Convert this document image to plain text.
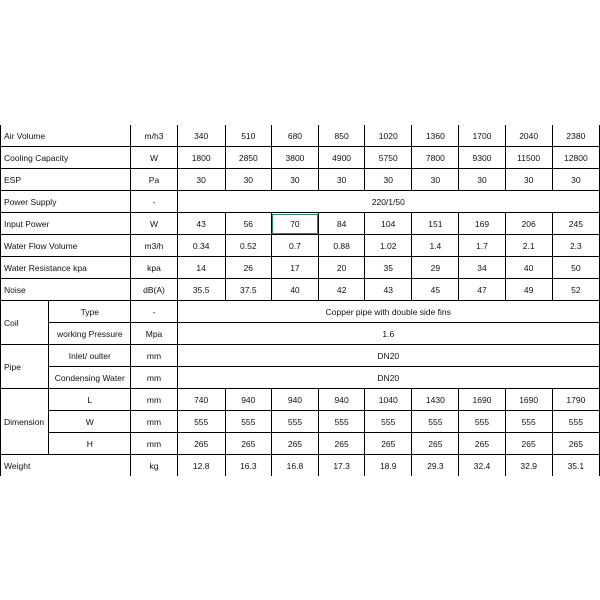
Air Volume		m/h3	340	510	680	850	1020	1360	1700	2040	2380
Cooling Capacity		W	1800	2850	3800	4900	5750	7800	9300	11500	12800
ESP		Pa	30	30	30	30	30	30	30	30	30
Power Supply		-	220/1/50								
Input Power		W	43	56	70	84	104	151	169	206	245
Water Flow Volume		m3/h	0.34	0.52	0.7	0.88	1.02	1.4	1.7	2.1	2.3
Water Resistance kpa		kpa	14	26	17	20	35	29	34	40	50
Noise		dB(A)	35.5	37.5	40	42	43	45	47	49	52
Coil	Type	-	Copper pipe with double side fins								
	working Pressure	Mpa	1.6								
Pipe	Inlet/ oulter	mm	DN20								
	Condensing Water	mm	DN20								
Dimension	L	mm	740	940	940	940	1040	1430	1690	1690	1790
	W	mm	555	555	555	555	555	555	555	555	555
	H	mm	265	265	265	265	265	265	265	265	265
Weight		kg	12.8	16.3	16.8	17.3	18.9	29.3	32.4	32.9	35.1
